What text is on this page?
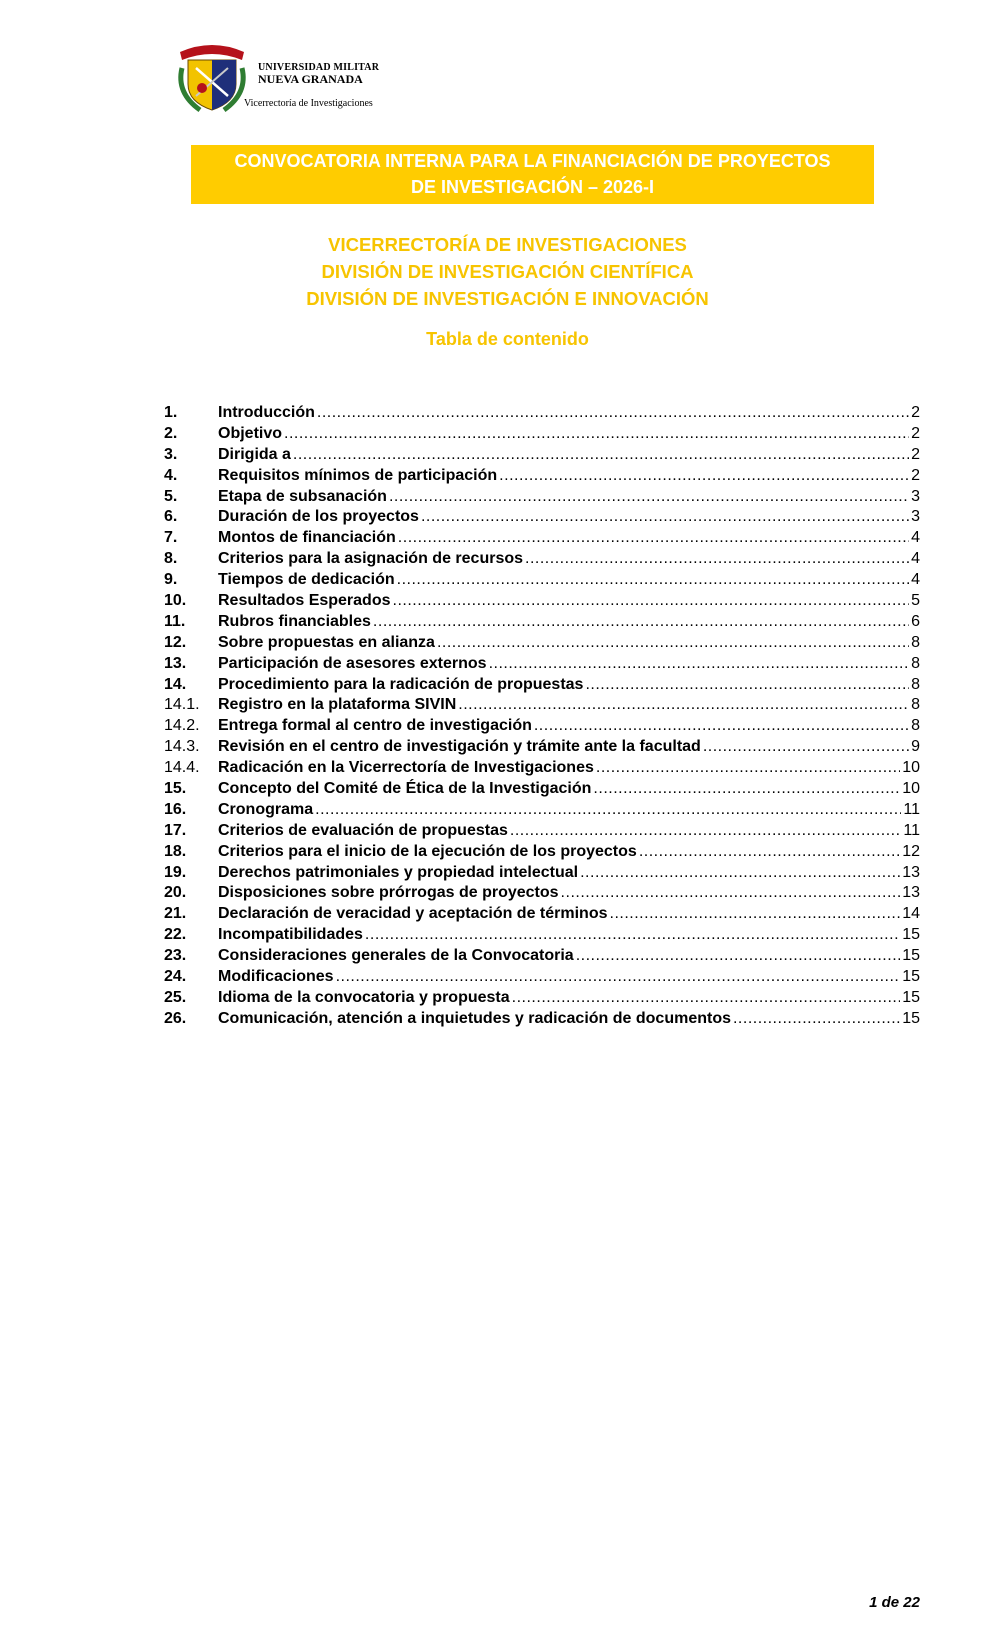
UNIVERSIDAD MILITAR
NUEVA GRANADA
Vicerrectoría de Investigaciones
CONVOCATORIA INTERNA PARA LA FINANCIACIÓN DE PROYECTOS
DE INVESTIGACIÓN – 2026-I
VICERRECTORÍA DE INVESTIGACIONES
DIVISIÓN DE INVESTIGACIÓN CIENTÍFICA
DIVISIÓN DE INVESTIGACIÓN E INNOVACIÓN
Tabla de contenido
1.	Introducción .....	2
2.	Objetivo .....	2
3.	Dirigida a .....	2
4.	Requisitos mínimos de participación .....	2
5.	Etapa de subsanación .....	3
6.	Duración de los proyectos .....	3
7.	Montos de financiación .....	4
8.	Criterios para la asignación de recursos .....	4
9.	Tiempos de dedicación .....	4
10.	Resultados Esperados .....	5
11.	Rubros financiables .....	6
12.	Sobre propuestas en alianza .....	8
13.	Participación de asesores externos .....	8
14.	Procedimiento para la radicación de propuestas .....	8
14.1.	Registro en la plataforma SIVIN .....	8
14.2.	Entrega formal al centro de investigación .....	8
14.3.	Revisión en el centro de investigación y trámite ante la facultad .....	9
14.4.	Radicación en la Vicerrectoría de Investigaciones .....	10
15.	Concepto del Comité de Ética de la Investigación .....	10
16.	Cronograma .....	11
17.	Criterios de evaluación de propuestas .....	11
18.	Criterios para el inicio de la ejecución de los proyectos .....	12
19.	Derechos patrimoniales y propiedad intelectual .....	13
20.	Disposiciones sobre prórrogas de proyectos .....	13
21.	Declaración de veracidad y aceptación de términos .....	14
22.	Incompatibilidades .....	15
23.	Consideraciones generales de la Convocatoria .....	15
24.	Modificaciones .....	15
25.	Idioma de la convocatoria y propuesta .....	15
26.	Comunicación, atención a inquietudes y radicación de documentos .....	15
1 de 22
